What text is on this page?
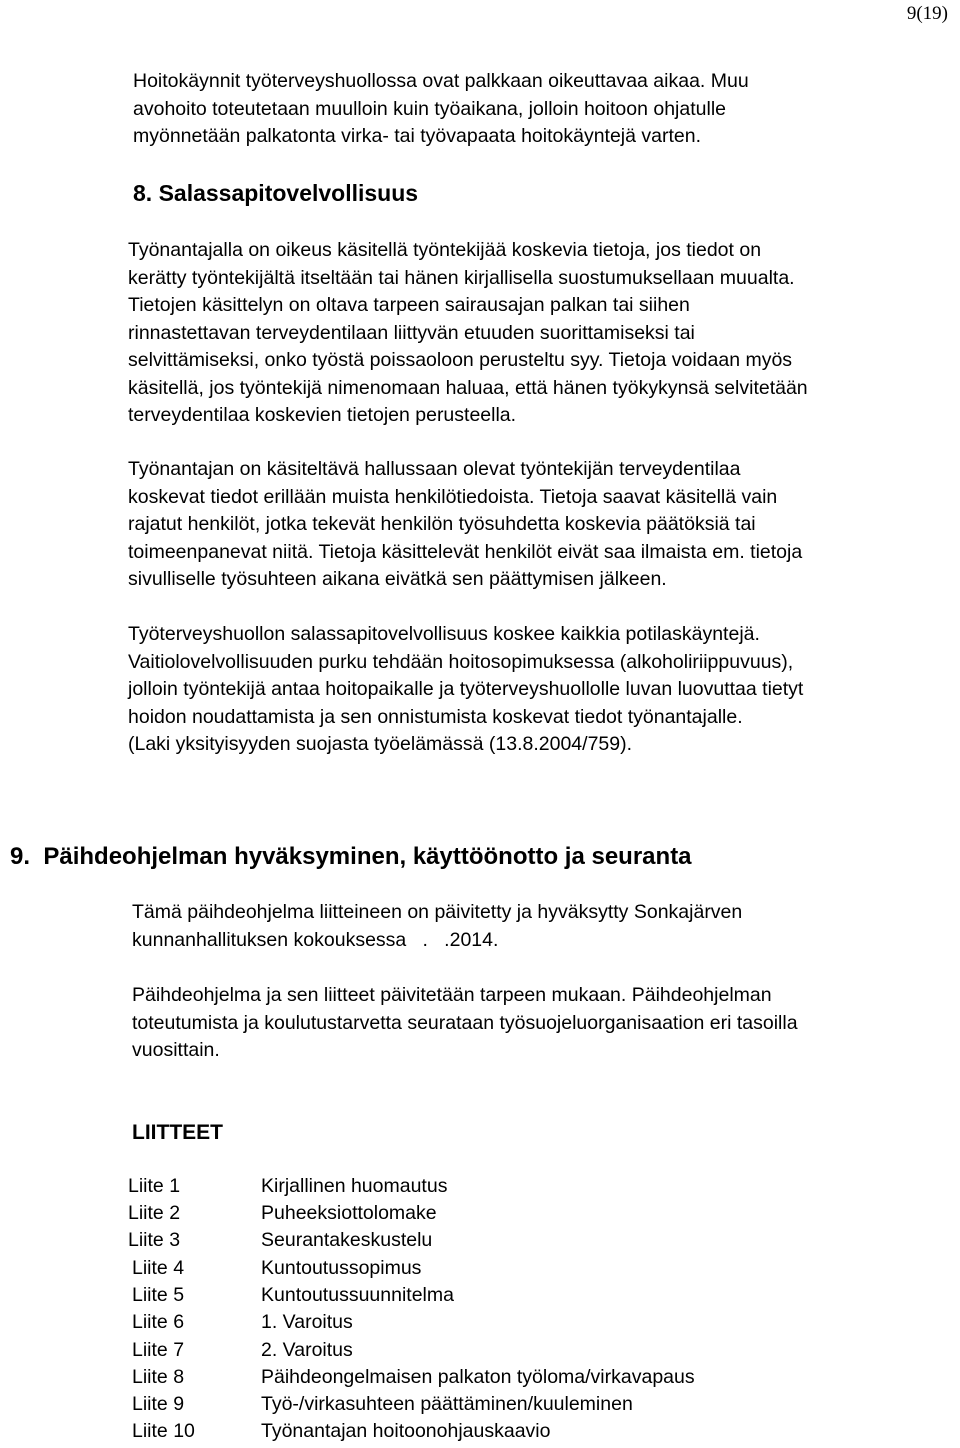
9(19)

Hoitokäynnit työterveyshuollossa ovat palkkaan oikeuttavaa aikaa. Muu
avohoito toteutetaan muulloin kuin työaikana, jolloin hoitoon ohjatulle
myönnetään palkatonta virka- tai työvapaata hoitokäyntejä varten.

8. Salassapitovelvollisuus

Työnantajalla on oikeus käsitellä työntekijää koskevia tietoja, jos tiedot on
kerätty työntekijältä itseltään tai hänen kirjallisella suostumuksellaan muualta.
Tietojen käsittelyn on oltava tarpeen sairausajan palkan tai siihen
rinnastettavan terveydentilaan liittyvän etuuden suorittamiseksi tai
selvittämiseksi, onko työstä poissaoloon perusteltu syy. Tietoja voidaan myös
käsitellä, jos työntekijä nimenomaan haluaa, että hänen työkykynsä selvitetään
terveydentilaa koskevien tietojen perusteella.

Työnantajan on käsiteltävä hallussaan olevat työntekijän terveydentilaa
koskevat tiedot erillään muista henkilötiedoista. Tietoja saavat käsitellä vain
rajatut henkilöt, jotka tekevät henkilön työsuhdetta koskevia päätöksiä tai
toimeenpanevat niitä. Tietoja käsittelevät henkilöt eivät saa ilmaista em. tietoja
sivulliselle työsuhteen aikana eivätkä sen päättymisen jälkeen.

Työterveyshuollon salassapitovelvollisuus koskee kaikkia potilaskäyntejä.
Vaitiolovelvollisuuden purku tehdään hoitosopimuksessa (alkoholiriippuvuus),
jolloin työntekijä antaa hoitopaikalle ja työterveyshuollolle luvan luovuttaa tietyt
hoidon noudattamista ja sen onnistumista koskevat tiedot työnantajalle.
(Laki yksityisyyden suojasta työelämässä (13.8.2004/759).

9.  Päihdeohjelman hyväksyminen, käyttöönotto ja seuranta

Tämä päihdeohjelma liitteineen on päivitetty ja hyväksytty Sonkajärven
kunnanhallituksen kokouksessa   .   .2014.

Päihdeohjelma ja sen liitteet päivitetään tarpeen mukaan. Päihdeohjelman
toteutumista ja koulutustarvetta seurataan työsuojeluorganisaation eri tasoilla
vuosittain.

LIITTEET
Liite 1	Kirjallinen huomautus
Liite 2	Puheeksiottolomake
Liite 3	Seurantakeskustelu
Liite 4	Kuntoutussopimus
Liite 5	Kuntoutussuunnitelma
Liite 6	1. Varoitus
Liite 7	2. Varoitus
Liite 8	Päihdeongelmaisen palkaton työloma/virkavapaus
Liite 9	Työ-/virkasuhteen päättäminen/kuuleminen
Liite 10	Työnantajan hoitoonohjauskaavio
